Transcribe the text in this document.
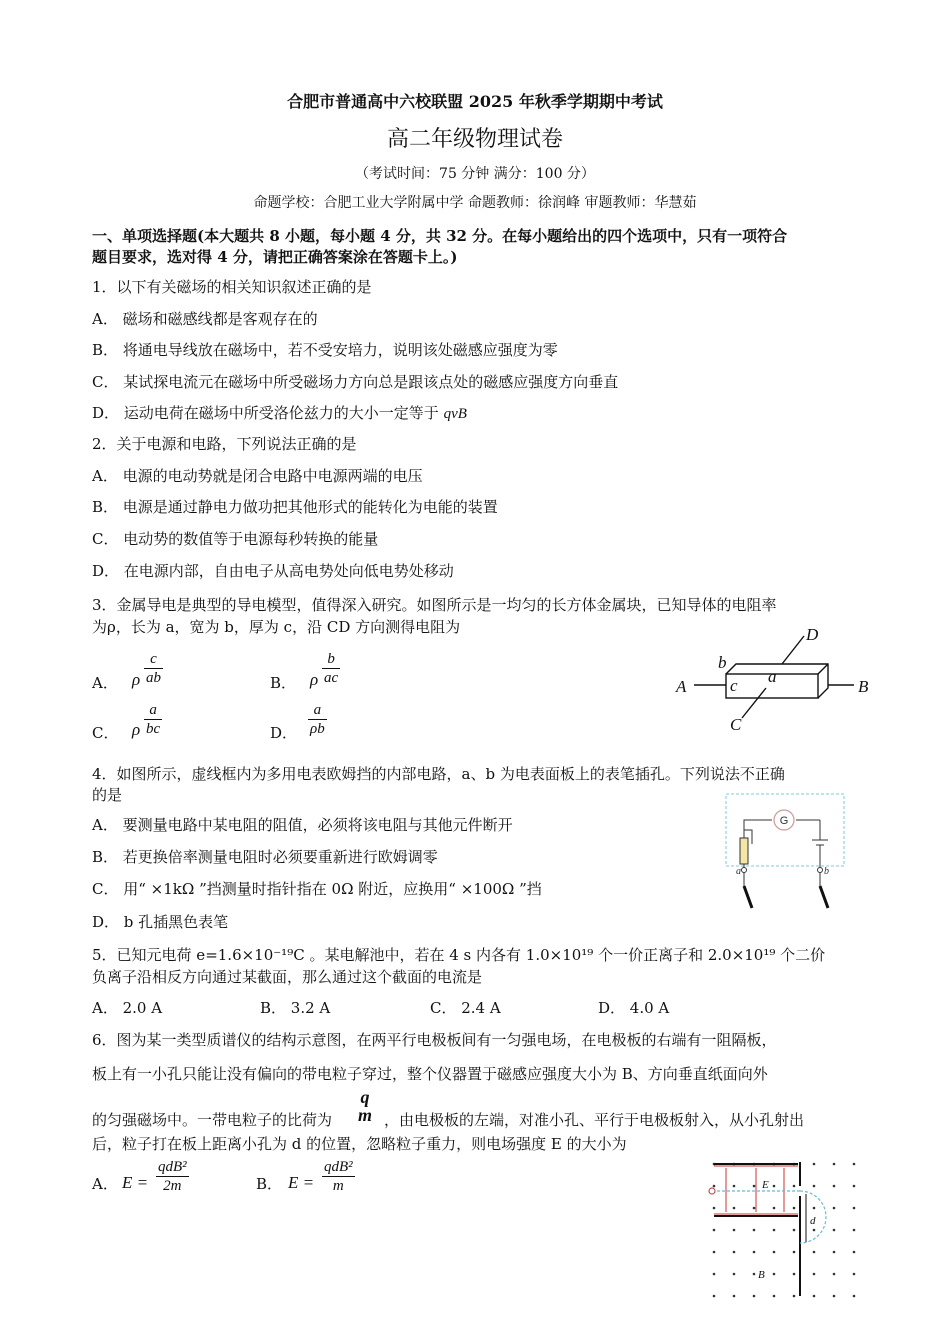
合肥市普通高中六校联盟 2025 年秋季学期期中考试
高二年级物理试卷
（考试时间：75 分钟 满分：100 分）
命题学校：合肥工业大学附属中学 命题教师：徐润峰 审题教师：华慧茹
一、单项选择题(本大题共 8 小题，每小题 4 分，共 32 分。在每小题给出的四个选项中，只有一项符合
题目要求，选对得 4 分，请把正确答案涂在答题卡上。)
1．以下有关磁场的相关知识叙述正确的是
A． 磁场和磁感线都是客观存在的
B． 将通电导线放在磁场中，若不受安培力，说明该处磁感应强度为零
C． 某试探电流元在磁场中所受磁场力方向总是跟该点处的磁感应强度方向垂直
D． 运动电荷在磁场中所受洛伦兹力的大小一定等于 qvB
2．关于电源和电路，下列说法正确的是
A． 电源的电动势就是闭合电路中电源两端的电压
B． 电源是通过静电力做功把其他形式的能转化为电能的装置
C． 电动势的数值等于电源每秒转换的能量
D． 在电源内部，自由电子从高电势处向低电势处移动
3．金属导电是典型的导电模型，值得深入研究。如图所示是一均匀的长方体金属块，已知导体的电阻率
为ρ，长为 a，宽为 b，厚为 c，沿 CD 方向测得电阻为
A． ρ $\frac{c}{ab}$	B． ρ $\frac{b}{ac}$
C． ρ $\frac{a}{bc}$	D． $\frac{a}{\rho b}$
A	B
C
D
a
b
c
4．如图所示，虚线框内为多用电表欧姆挡的内部电路，a、b 为电表面板上的表笔插孔。下列说法不正确
的是
A． 要测量电路中某电阻的阻值，必须将该电阻与其他元件断开
B． 若更换倍率测量电阻时必须要重新进行欧姆调零
C． 用“ ×1kΩ ”挡测量时指针指在 0Ω 附近，应换用“ ×100Ω ”挡
D． b 孔插黑色表笔
G
a	b
5．已知元电荷 e=1.6×10⁻¹⁹C 。某电解池中，若在 4 s 内各有 1.0×10¹⁹ 个一价正离子和 2.0×10¹⁹ 个二价
负离子沿相反方向通过某截面，那么通过这个截面的电流是
A． 2.0 A	B． 3.2 A	C． 2.4 A	D． 4.0 A
6．图为某一类型质谱仪的结构示意图，在两平行电极板间有一匀强电场，在电极板的右端有一阻隔板，
板上有一小孔只能让没有偏向的带电粒子穿过，整个仪器置于磁感应强度大小为 B、方向垂直纸面向外
的匀强磁场中。一带电粒子的比荷为
q
m ，由电极板的左端，对准小孔、平行于电极板射入，从小孔射出
后，粒子打在板上距离小孔为 d 的位置，忽略粒子重力，则电场强度 E 的大小为
A． E =
qdB²
2m	B． E =
qdB²
m	E
B
d
